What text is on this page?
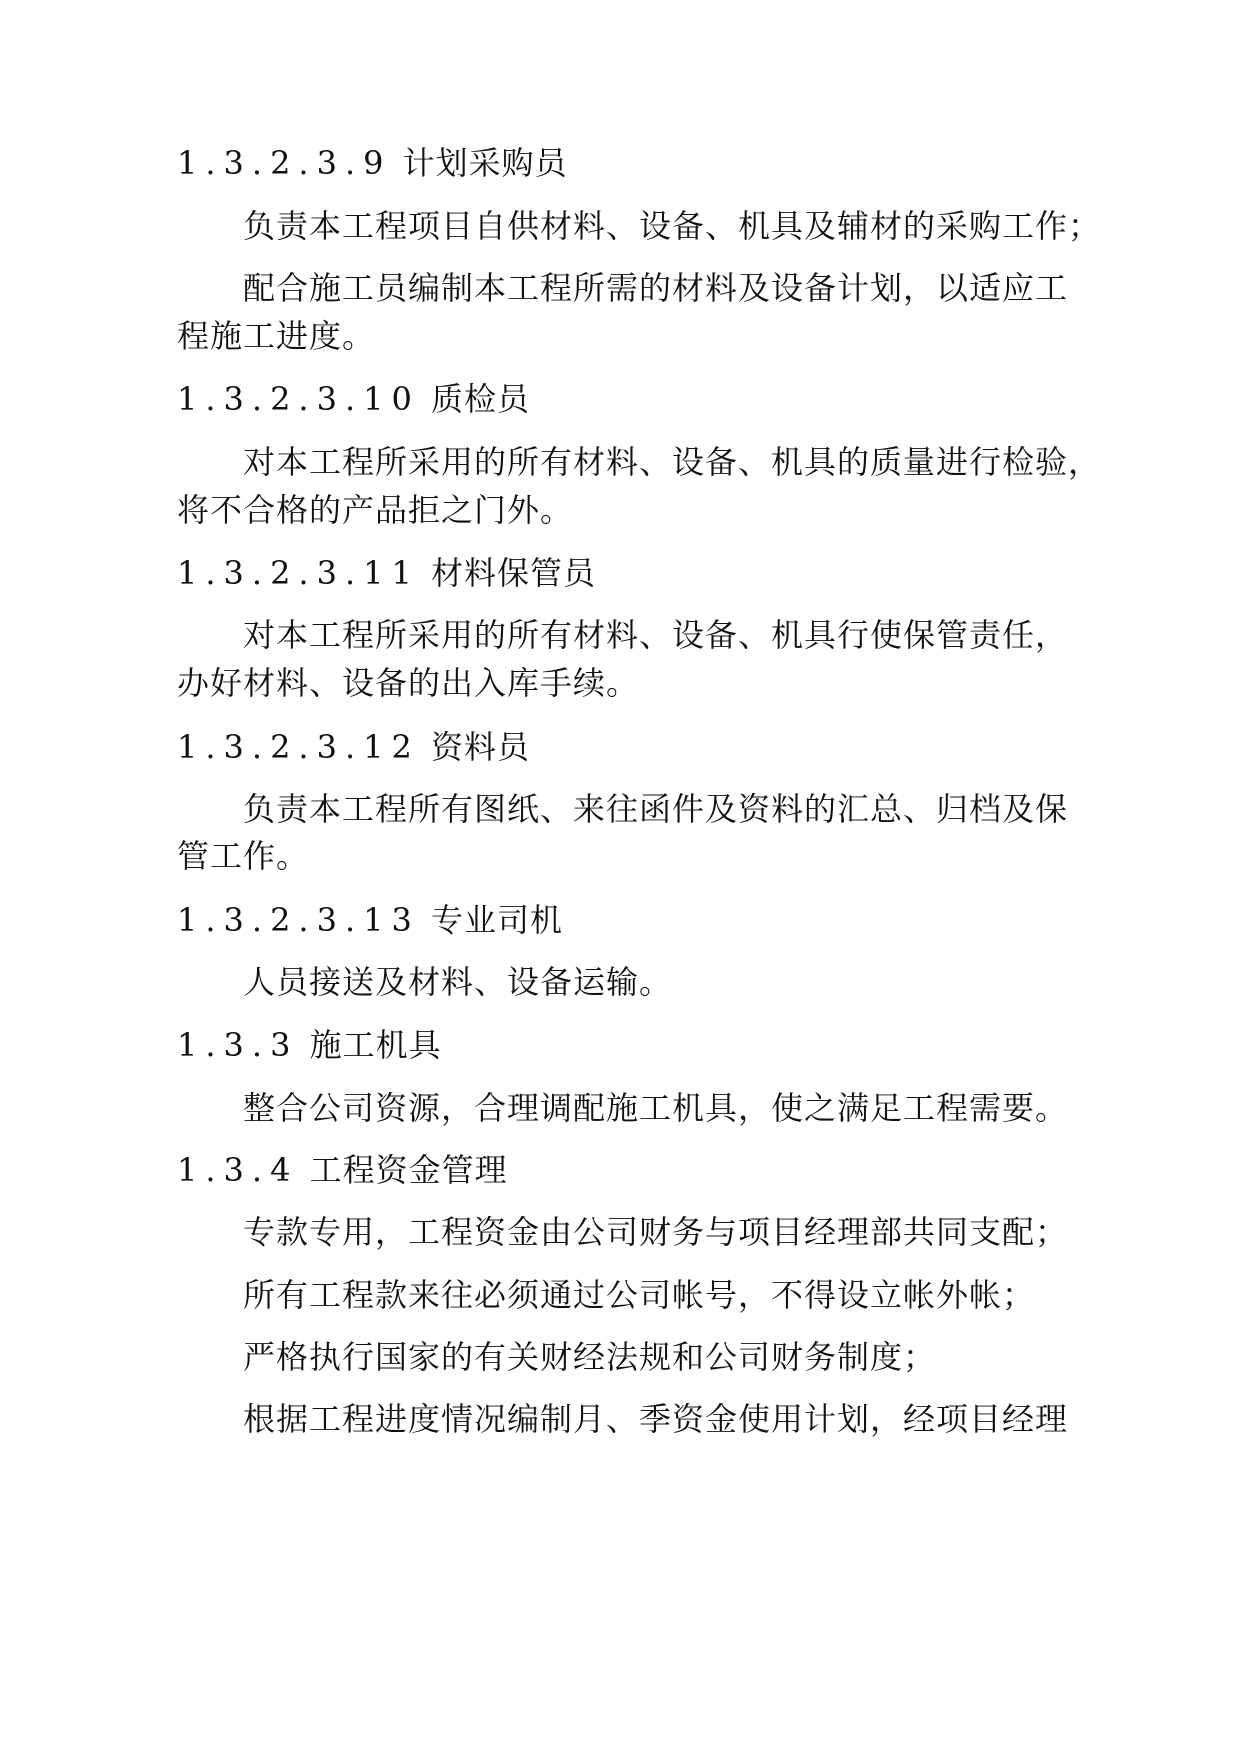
1.3.2.3.9 计划采购员
负责本工程项目自供材料、设备、机具及辅材的采购工作；
配合施工员编制本工程所需的材料及设备计划，以适应工
程施工进度。
1.3.2.3.10 质检员
对本工程所采用的所有材料、设备、机具的质量进行检验，
将不合格的产品拒之门外。
1.3.2.3.11 材料保管员
对本工程所采用的所有材料、设备、机具行使保管责任，
办好材料、设备的出入库手续。
1.3.2.3.12 资料员
负责本工程所有图纸、来往函件及资料的汇总、归档及保
管工作。
1.3.2.3.13 专业司机
人员接送及材料、设备运输。
1.3.3 施工机具
整合公司资源，合理调配施工机具，使之满足工程需要。
1.3.4 工程资金管理
专款专用，工程资金由公司财务与项目经理部共同支配；
所有工程款来往必须通过公司帐号，不得设立帐外帐；
严格执行国家的有关财经法规和公司财务制度；
根据工程进度情况编制月、季资金使用计划，经项目经理
